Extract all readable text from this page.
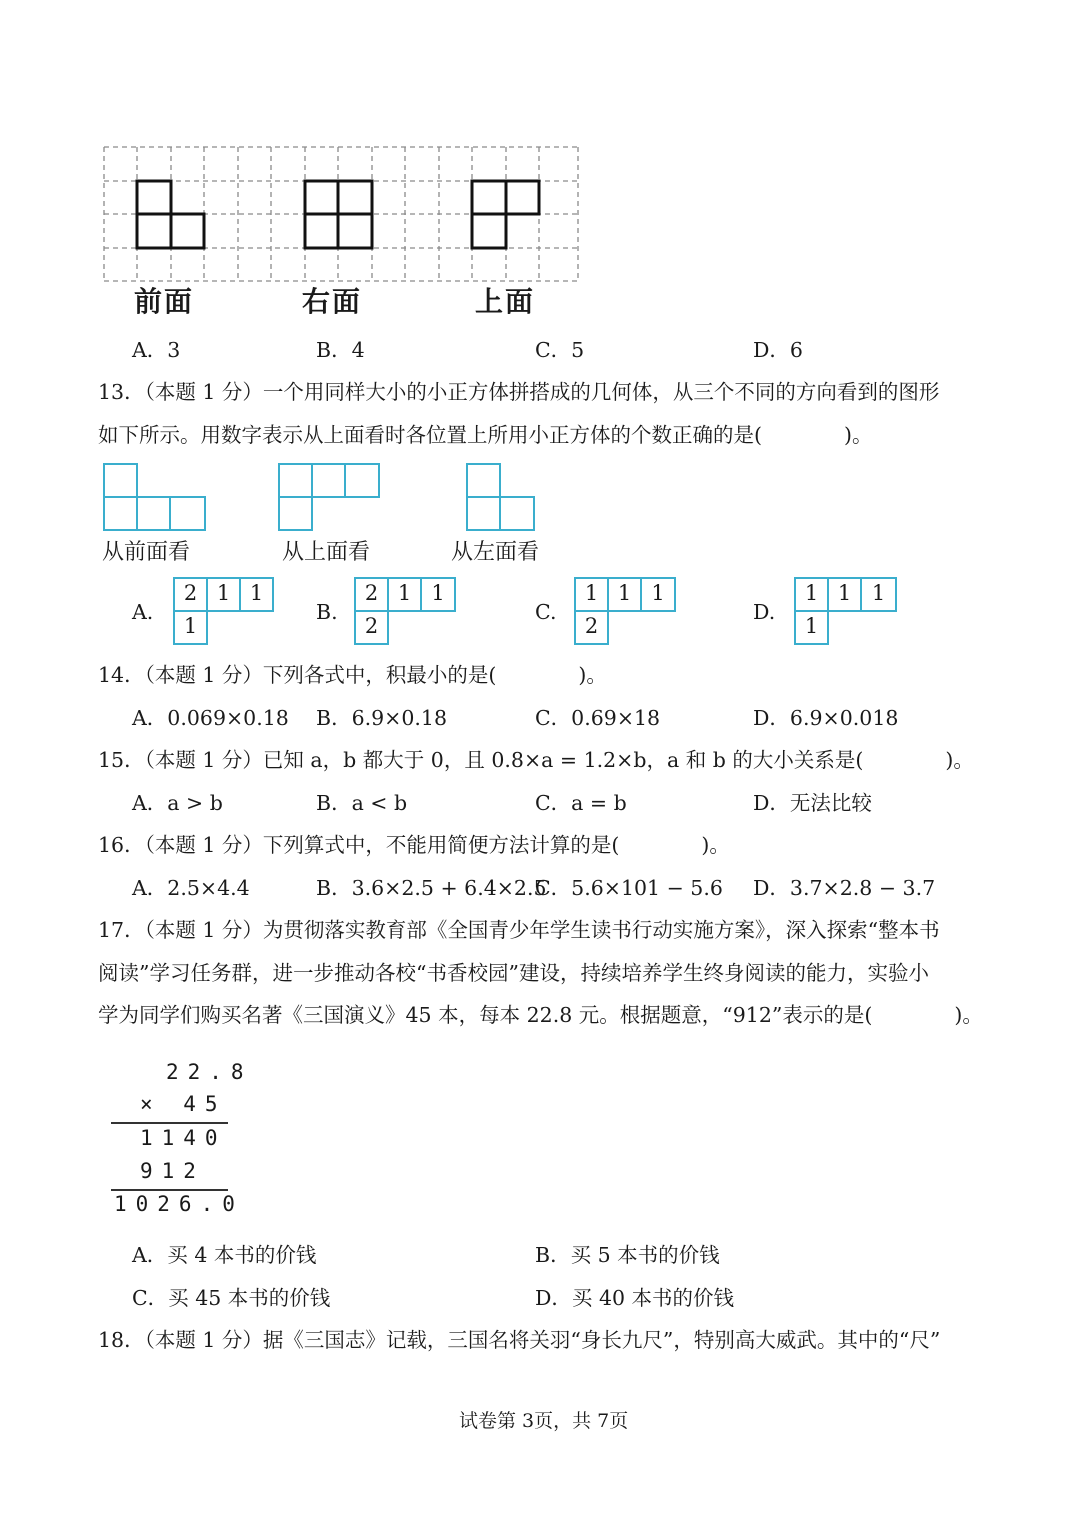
前面	右面	上面
A．3	B．4	C．5	D．6
13．（本题 1 分）一个用同样大小的小正方体拼搭成的几何体，从三个不同的方向看到的图形
如下所示。用数字表示从上面看时各位置上所用小正方体的个数正确的是(　　　　)。
从前面看	从上面看	从左面看
A.
2 1 1
1
B.
2 1 1
2
C.
1 1 1
2
D.
1 1 1
1
14．（本题 1 分）下列各式中，积最小的是(　　　　)。
A．0.069×0.18 B．6.9×0.18	C．0.69×18	D．6.9×0.018
15．（本题 1 分）已知 a，b 都大于 0，且 0.8×a = 1.2×b，a 和 b 的大小关系是(　　　　)。
A．a > b	B．a < b	C．a = b	D．无法比较
16．（本题 1 分）下列算式中，不能用简便方法计算的是(　　　　)。
A．2.5×4.4	B．3.6×2.5 + 6.4×2.5
C．5.6×101 − 5.6 D．3.7×2.8 − 3.7
17．（本题 1 分）为贯彻落实教育部《全国青少年学生读书行动实施方案》，深入探索“整本书
阅读”学习任务群，进一步推动各校“书香校园”建设，持续培养学生终身阅读的能力，实验小
学为同学们购买名著《三国演义》45 本，每本 22.8 元。根据题意，“912”表示的是(　　　　)。
22.8
× 45
1140
912
1026.0
A．买 4 本书的价钱	B．买 5 本书的价钱
C．买 45 本书的价钱	D．买 40 本书的价钱
18．（本题 1 分）据《三国志》记载，三国名将关羽“身长九尺”，特别高大威武。其中的“尺”
试卷第 3页，共 7页
